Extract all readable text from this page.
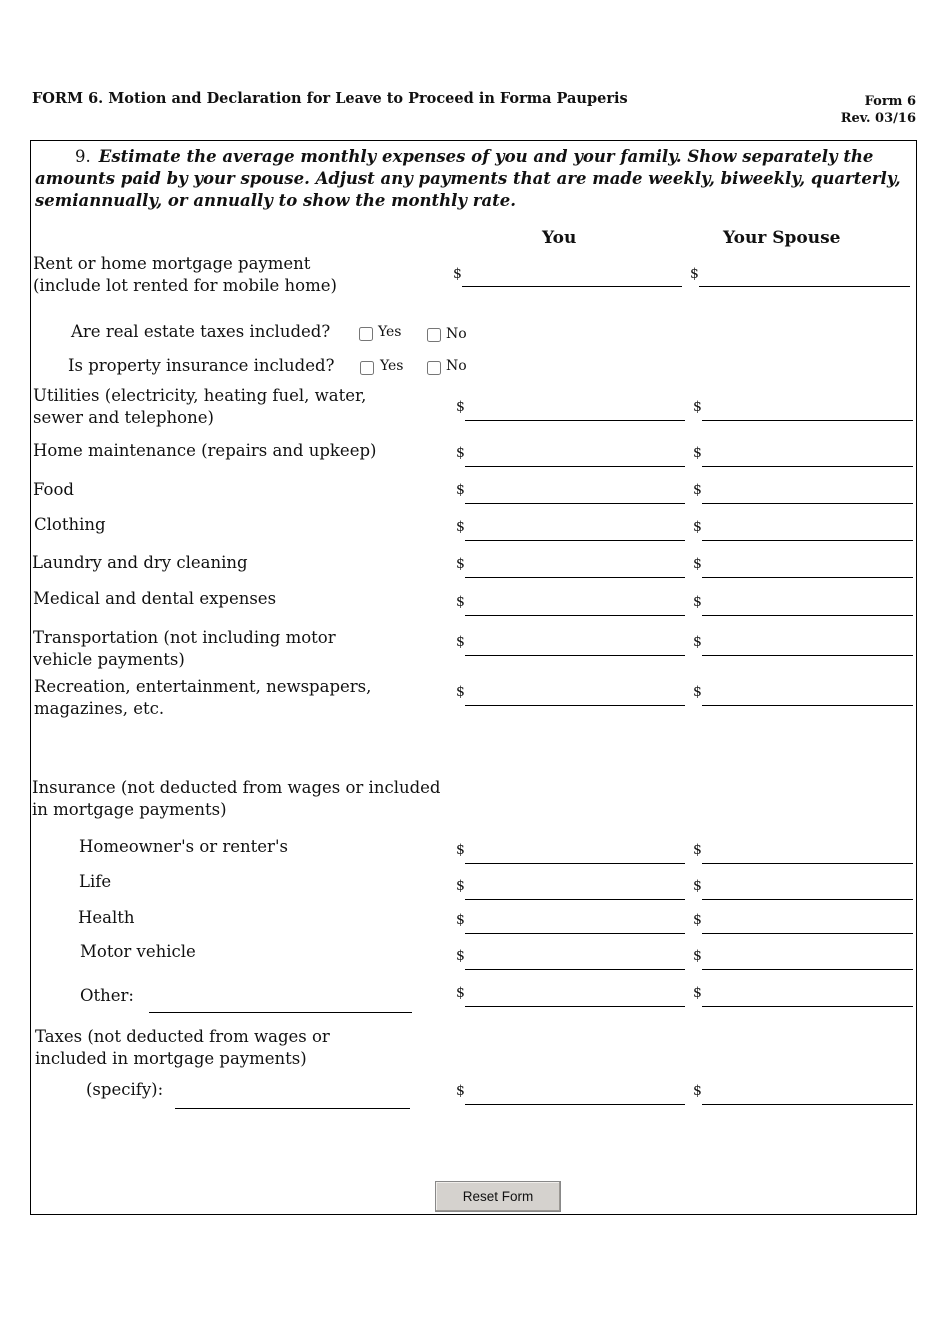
FORM 6. Motion and Declaration for Leave to Proceed in Forma Pauperis	Form 6
Rev. 03/16
9. Estimate the average monthly expenses of you and your family. Show separately the amounts paid by your spouse. Adjust any payments that are made weekly, biweekly, quarterly, semiannually, or annually to show the monthly rate.
You	Your Spouse
Rent or home mortgage payment
(include lot rented for mobile home)
$	$
Are real estate taxes included?	Yes	No
Is property insurance included?	Yes	No
Utilities (electricity, heating fuel, water,
sewer and telephone)
$	$
Home maintenance (repairs and upkeep)	$	$
Food	$	$
Clothing	$	$
Laundry and dry cleaning	$	$
Medical and dental expenses	$	$
Transportation (not including motor
vehicle payments)
$	$
Recreation, entertainment, newspapers,
magazines, etc.
$	$
Insurance (not deducted from wages or included
in mortgage payments)
Homeowner's or renter's	$	$
Life	$	$
Health	$	$
Motor vehicle	$	$
Other:	$	$
Taxes (not deducted from wages or
included in mortgage payments)
(specify):	$	$
Reset Form
